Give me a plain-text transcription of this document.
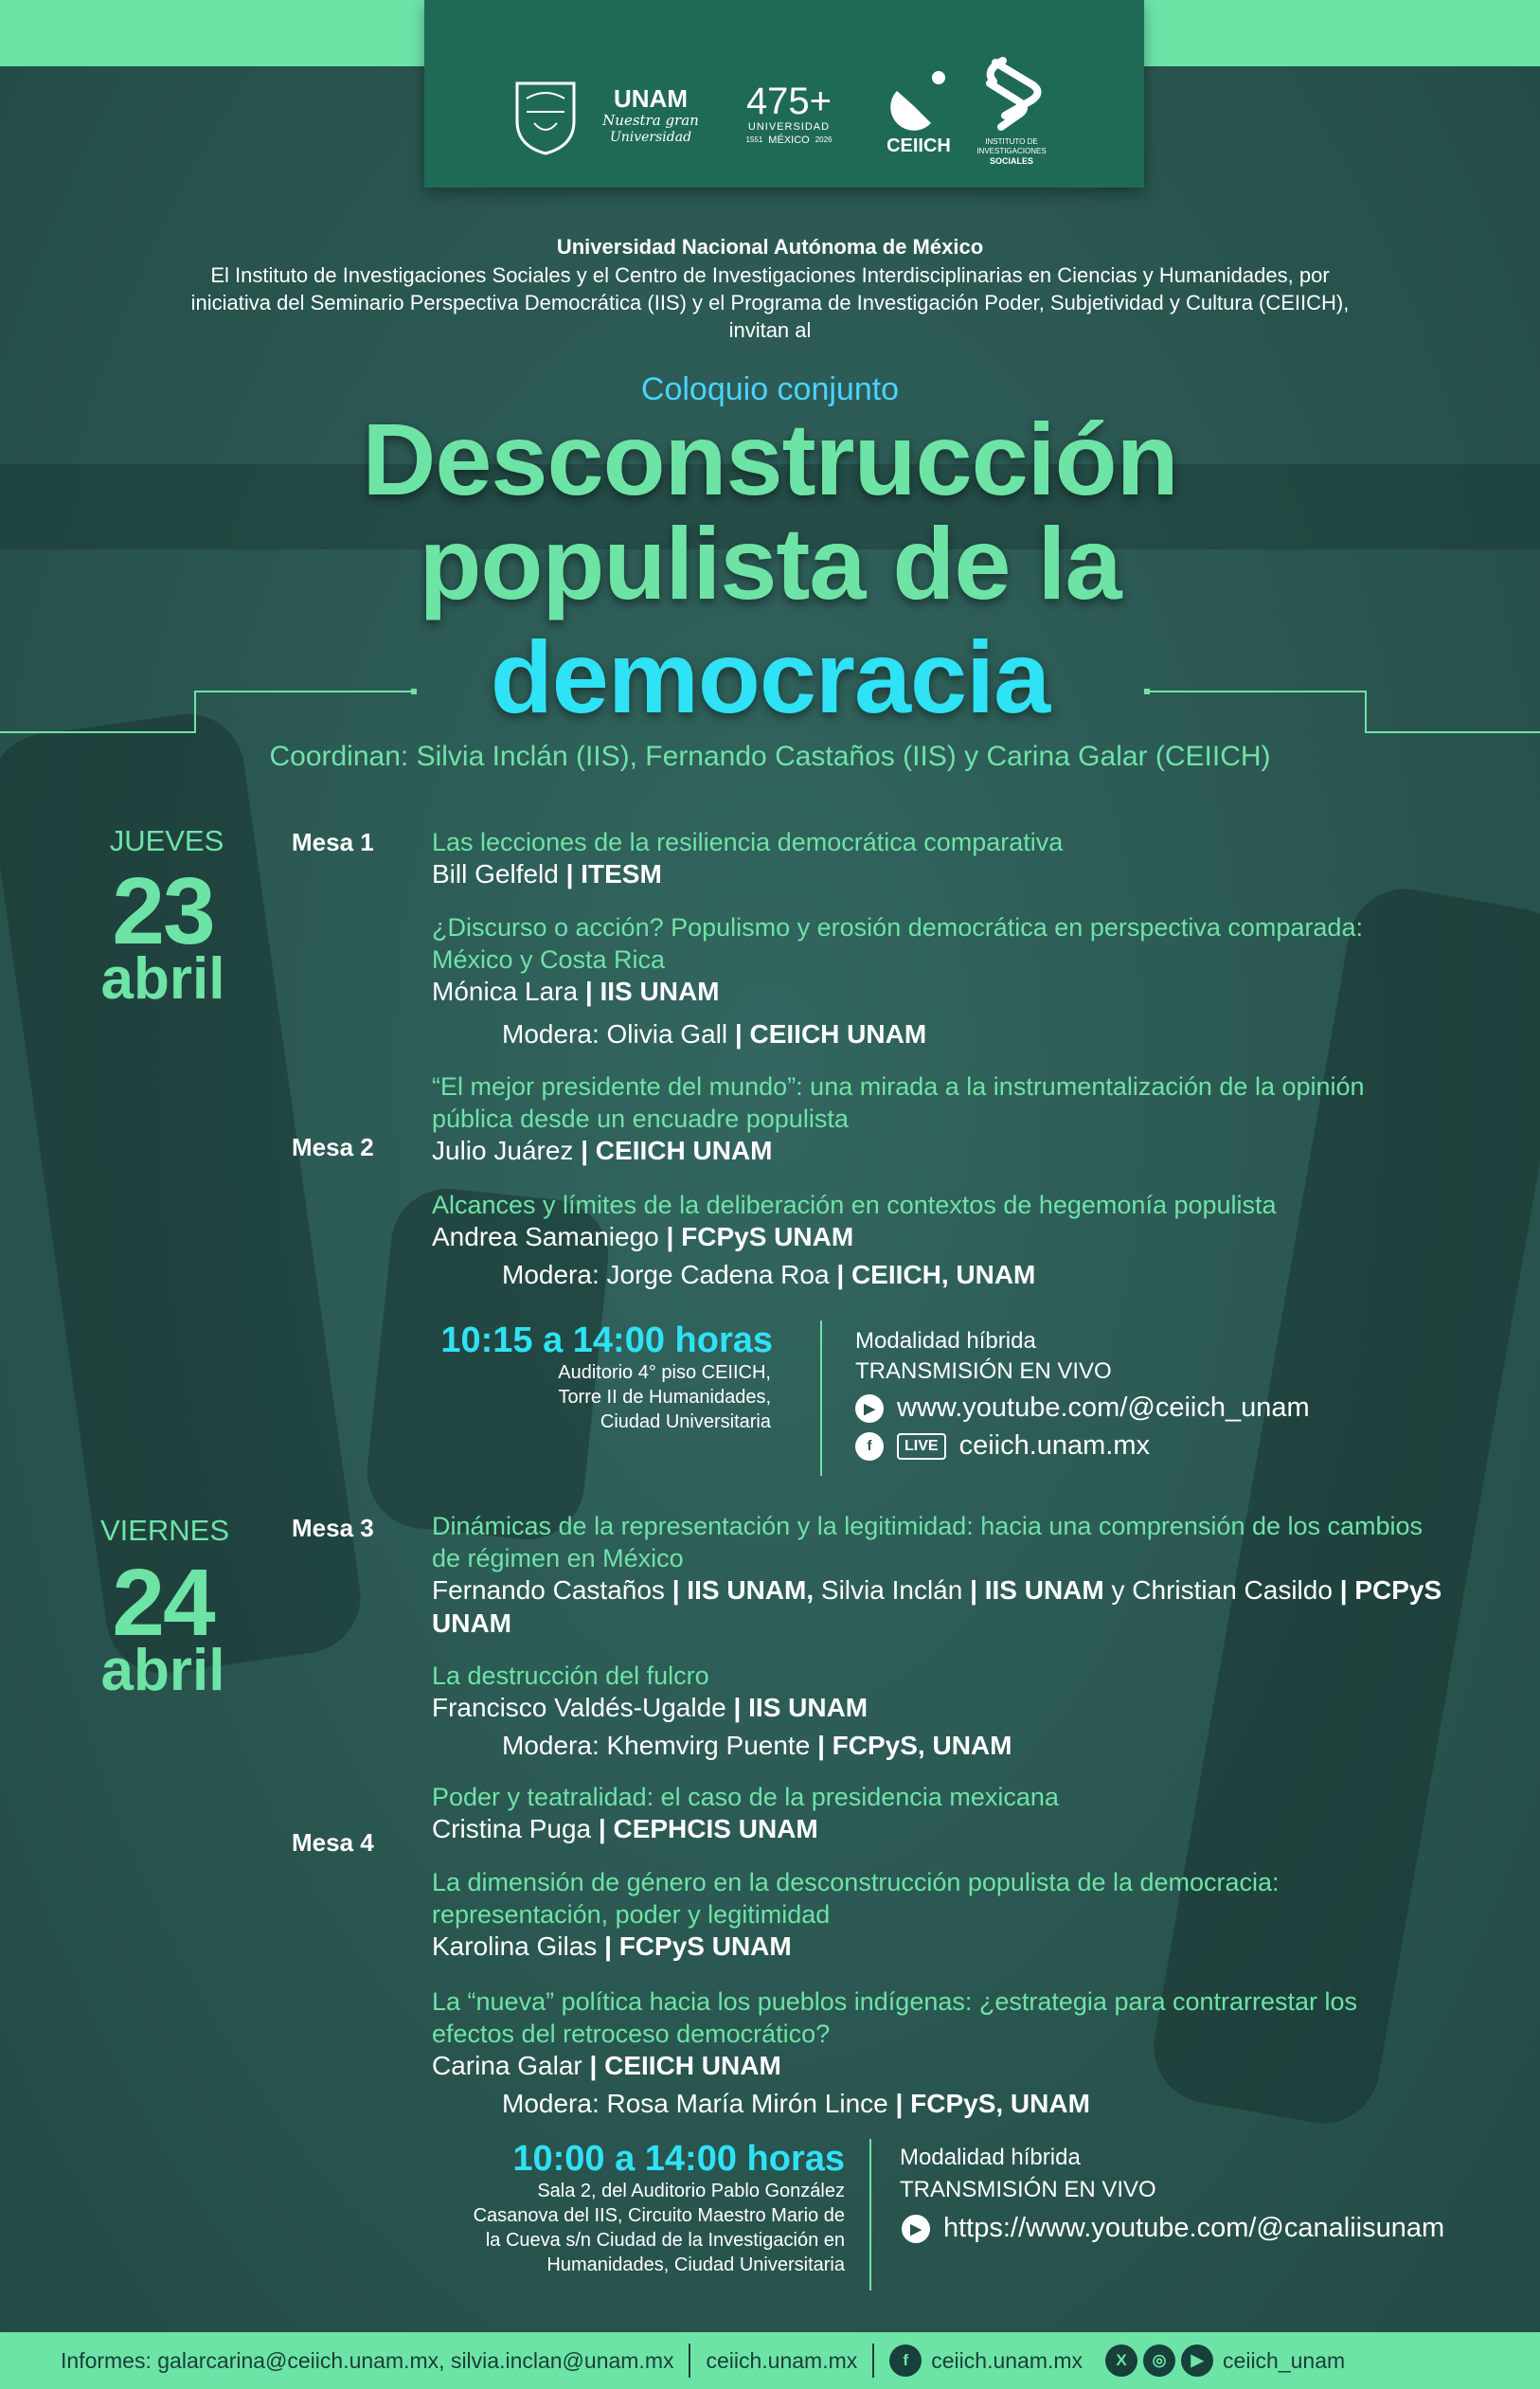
UNAM
Nuestra gran
Universidad
475+
UNIVERSIDAD
1551 MÉXICO 2026	CEIICH	INSTITUTO DE
INVESTIGACIONES
SOCIALES
Universidad Nacional Autónoma de México
El Instituto de Investigaciones Sociales y el Centro de Investigaciones Interdisciplinarias en Ciencias y Humanidades, por
iniciativa del Seminario Perspectiva Democrática (IIS) y el Programa de Investigación Poder, Subjetividad y Cultura (CEIICH),
invitan al
Coloquio conjunto
Desconstrucción
populista de la
democracia
Coordinan: Silvia Inclán (IIS), Fernando Castaños (IIS) y Carina Galar (CEIICH)
JUEVES
23
abril
Mesa 1 Las lecciones de la resiliencia democrática comparativa
Bill Gelfeld | ITESM
¿Discurso o acción? Populismo y erosión democrática en perspectiva comparada:
México y Costa Rica
Mónica Lara | IIS UNAM
Modera: Olivia Gall | CEIICH UNAM
Mesa 2
“El mejor presidente del mundo”: una mirada a la instrumentalización de la opinión
pública desde un encuadre populista
Julio Juárez | CEIICH UNAM
Alcances y límites de la deliberación en contextos de hegemonía populista
Andrea Samaniego | FCPyS UNAM
Modera: Jorge Cadena Roa | CEIICH, UNAM
10:15 a 14:00 horas
Auditorio 4° piso CEIICH,
Torre II de Humanidades,
Ciudad Universitaria
Modalidad híbrida
TRANSMISIÓN EN VIVO
▶ www.youtube.com/@ceiich_unam
f	LIVE ceiich.unam.mx
VIERNES
24
abril
Mesa 3 Dinámicas de la representación y la legitimidad: hacia una comprensión de los cambios
de régimen en México
Fernando Castaños | IIS UNAM, Silvia Inclán | IIS UNAM y Christian Casildo | PCPyS
UNAM
La destrucción del fulcro
Francisco Valdés-Ugalde | IIS UNAM
Modera: Khemvirg Puente | FCPyS, UNAM
Mesa 4
Poder y teatralidad: el caso de la presidencia mexicana
Cristina Puga | CEPHCIS UNAM
La dimensión de género en la desconstrucción populista de la democracia:
representación, poder y legitimidad
Karolina Gilas | FCPyS UNAM
La “nueva” política hacia los pueblos indígenas: ¿estrategia para contrarrestar los
efectos del retroceso democrático?
Carina Galar | CEIICH UNAM
Modera: Rosa María Mirón Lince | FCPyS, UNAM
10:00 a 14:00 horas
Sala 2, del Auditorio Pablo González
Casanova del IIS, Circuito Maestro Mario de
la Cueva s/n Ciudad de la Investigación en
Humanidades, Ciudad Universitaria
Modalidad híbrida
TRANSMISIÓN EN VIVO
▶ https://www.youtube.com/@canaliisunam
Informes: galarcarina@ceiich.unam.mx, silvia.inclan@unam.mx ceiich.unam.mx	f	ceiich.unam.mx	X	◎	▶ ceiich_unam
